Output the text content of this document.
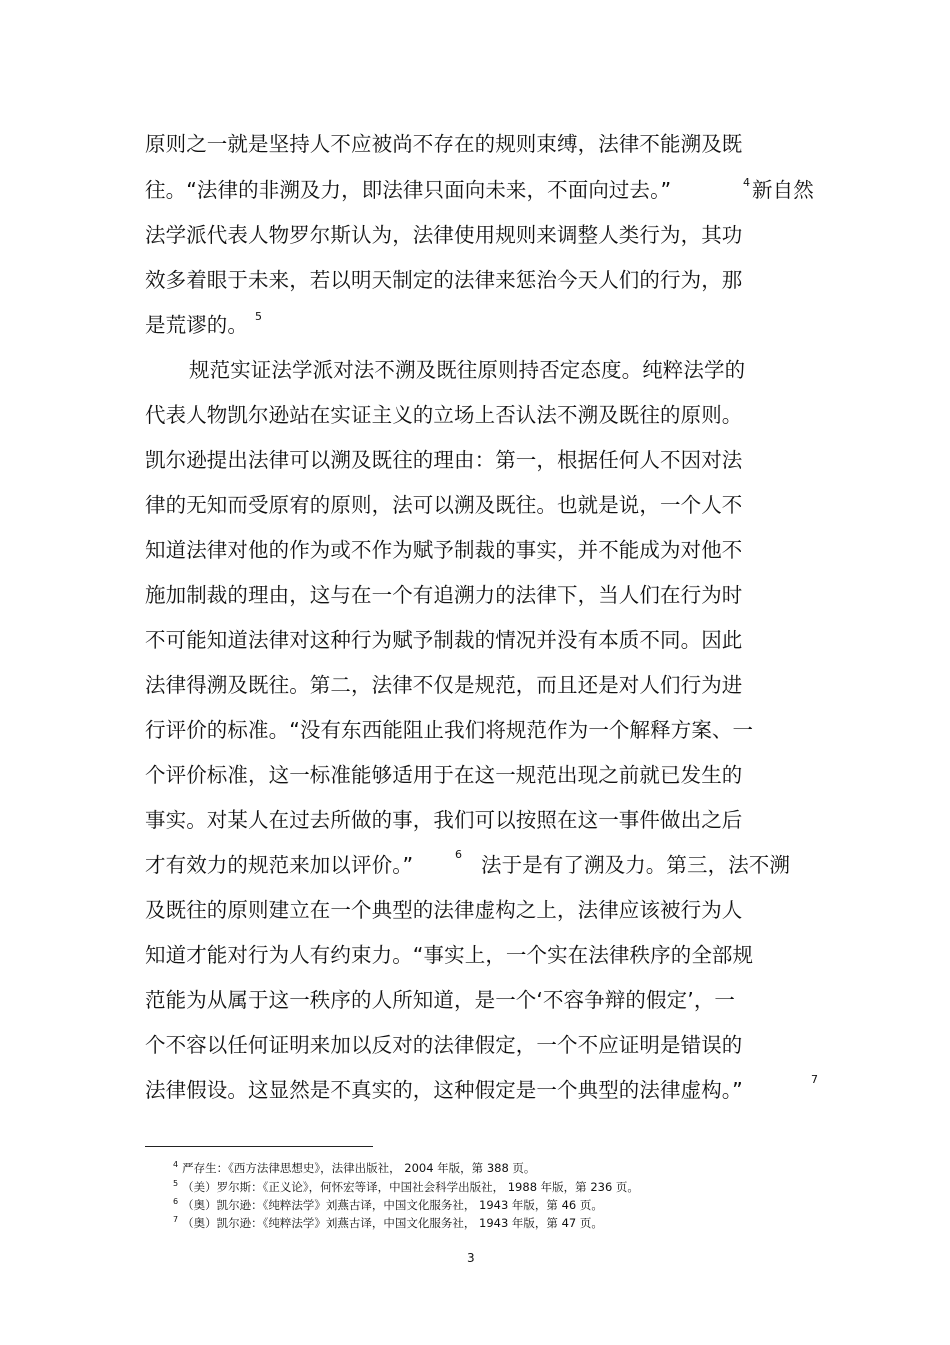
原则之一就是坚持人不应被尚不存在的规则束缚，法律不能溯及既
往。“法律的非溯及力，即法律只面向未来，不面向过去。”	4 新自然
法学派代表人物罗尔斯认为，法律使用规则来调整人类行为，其功
效多着眼于未来，若以明天制定的法律来惩治今天人们的行为，那
是荒谬的。 5
规范实证法学派对法不溯及既往原则持否定态度。纯粹法学的
代表人物凯尔逊站在实证主义的立场上否认法不溯及既往的原则。
凯尔逊提出法律可以溯及既往的理由：第一，根据任何人不因对法
律的无知而受原宥的原则，法可以溯及既往。也就是说，一个人不
知道法律对他的作为或不作为赋予制裁的事实，并不能成为对他不
施加制裁的理由，这与在一个有追溯力的法律下，当人们在行为时
不可能知道法律对这种行为赋予制裁的情况并没有本质不同。因此
法律得溯及既往。第二，法律不仅是规范，而且还是对人们行为进
行评价的标准。“没有东西能阻止我们将规范作为一个解释方案、一
个评价标准，这一标准能够适用于在这一规范出现之前就已发生的
事实。对某人在过去所做的事，我们可以按照在这一事件做出之后
才有效力的规范来加以评价。”	6 法于是有了溯及力。第三，法不溯
及既往的原则建立在一个典型的法律虚构之上，法律应该被行为人
知道才能对行为人有约束力。“事实上，一个实在法律秩序的全部规
范能为从属于这一秩序的人所知道，是一个‘不容争辩的假定’，一
个不容以任何证明来加以反对的法律假定，一个不应证明是错误的
法律假设。这显然是不真实的，这种假定是一个典型的法律虚构。”	7
$^4$ 严存生：《西方法律思想史》，法律出版社， 2004 年版，第 388 页。
$^5$ （美）罗尔斯：《正义论》，何怀宏等译，中国社会科学出版社， 1988 年版，第 236 页。
$^6$ （奥）凯尔逊：《纯粹法学》刘燕古译，中国文化服务社， 1943 年版，第 46 页。
$^7$ （奥）凯尔逊：《纯粹法学》刘燕古译，中国文化服务社， 1943 年版，第 47 页。
3
